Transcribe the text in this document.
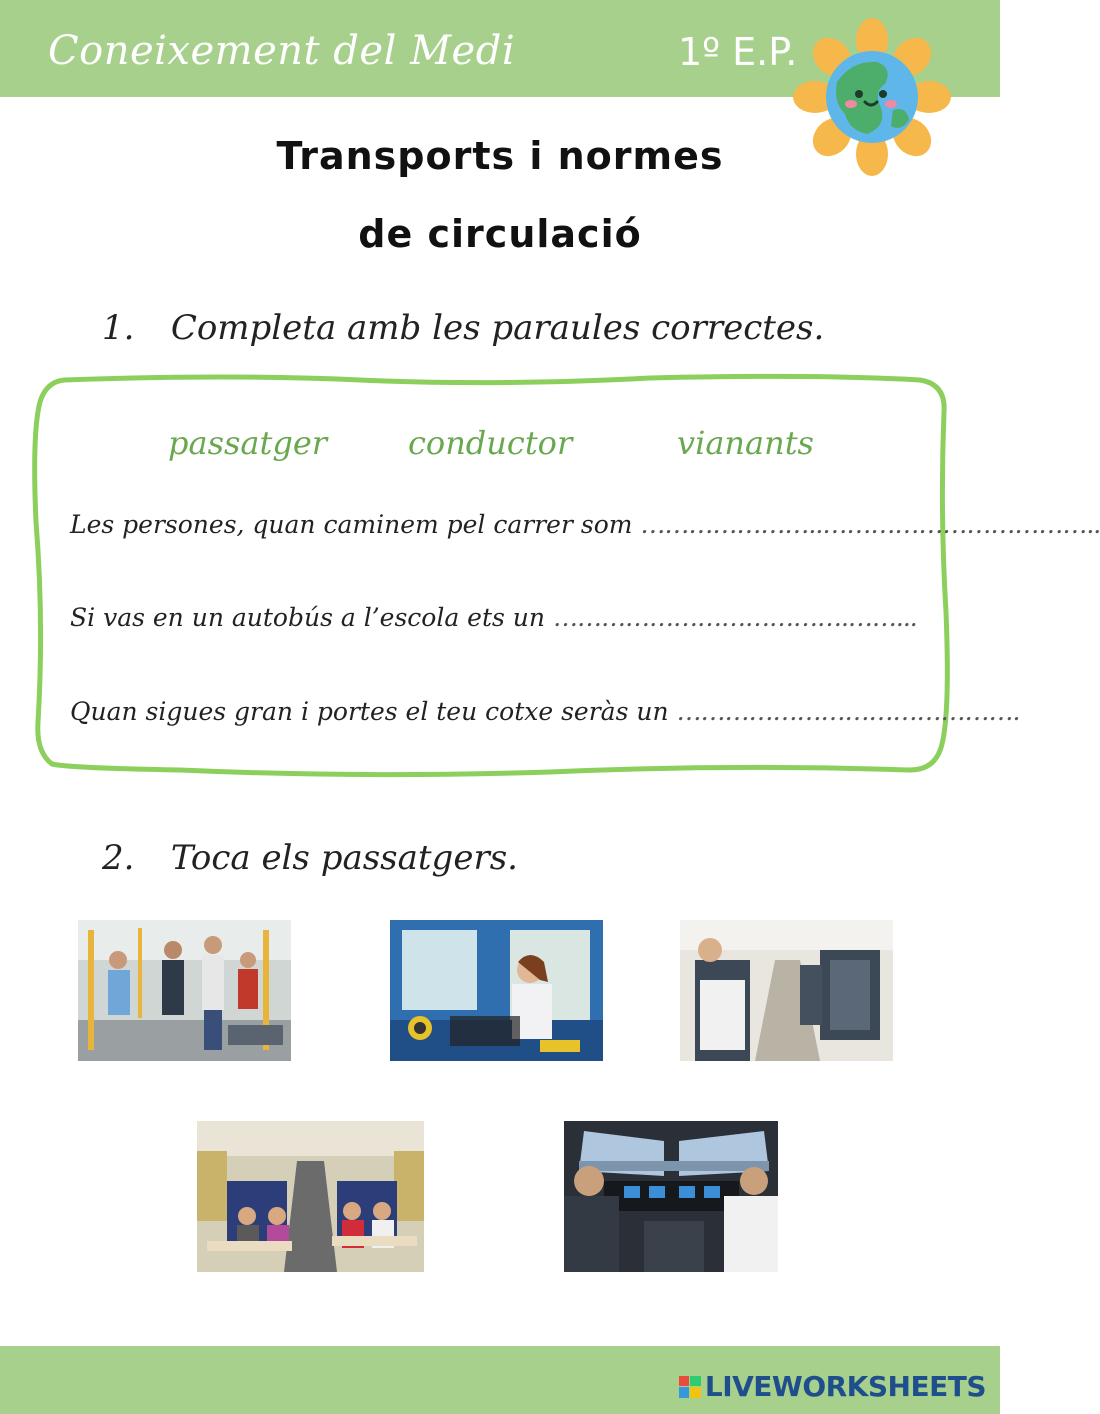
Coneixement del Medi	1º E.P.
Transports i normes
de circulació
1. Completa amb les paraules correctes.
passatger	conductor	vianants
Les persones, quan caminem pel carrer som …………………..……………………………..
Si vas en un autobús a l’escola ets un ……………………………….……...
Quan sigues gran i portes el teu cotxe seràs un …………………………………….
2. Toca els passatgers.
LIVEWORKSHEETS
